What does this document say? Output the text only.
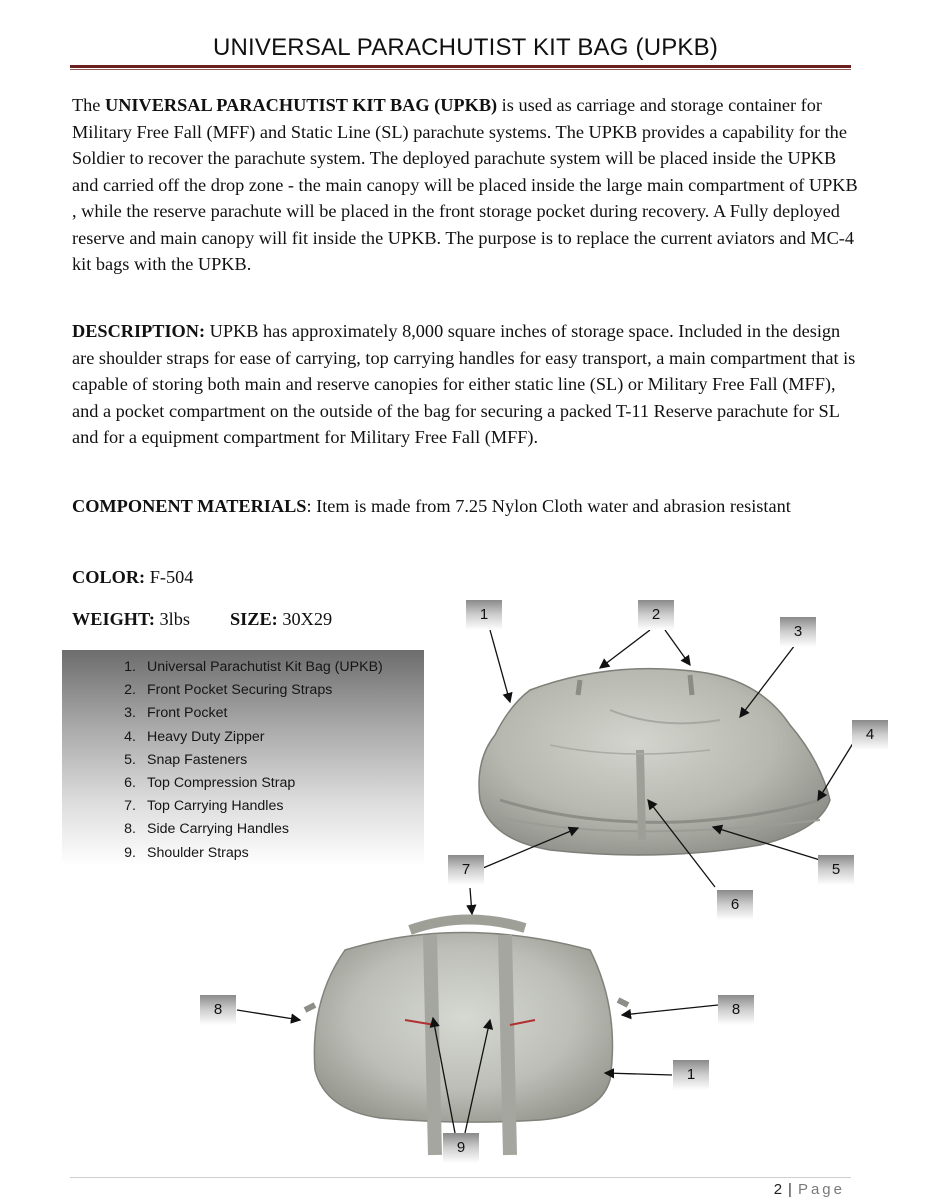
UNIVERSAL PARACHUTIST KIT BAG (UPKB)

The UNIVERSAL PARACHUTIST KIT BAG (UPKB) is used as carriage and storage container for Military Free Fall (MFF) and Static Line (SL) parachute systems. The UPKB provides a capability for the Soldier to recover the parachute system. The deployed parachute system will be placed inside the UPKB and carried off the drop zone - the main canopy will be placed inside the large main compartment of UPKB , while the reserve parachute will be placed in the front storage pocket during recovery. A Fully deployed reserve and main canopy will fit inside the UPKB. The purpose is to replace the current aviators and MC-4 kit bags with the UPKB.

DESCRIPTION: UPKB has approximately 8,000 square inches of storage space. Included in the design are shoulder straps for ease of carrying, top carrying handles for easy transport, a main compartment that is capable of storing both main and reserve canopies for either static line (SL) or Military Free Fall (MFF), and a pocket compartment on the outside of the bag for securing a packed T-11 Reserve parachute for SL and for a equipment compartment for Military Free Fall (MFF).

COMPONENT MATERIALS: Item is made from 7.25 Nylon Cloth water and abrasion resistant

COLOR: F-504

WEIGHT: 3lbs SIZE: 30X29

1. Universal Parachutist Kit Bag (UPKB)
2. Front Pocket Securing Straps
3. Front Pocket
4. Heavy Duty Zipper
5. Snap Fasteners
6. Top Compression Strap
7. Top Carrying Handles
8. Side Carrying Handles
9. Shoulder Straps
1	2
3
4
5
6
7
8	8
1
9
2 | Page
